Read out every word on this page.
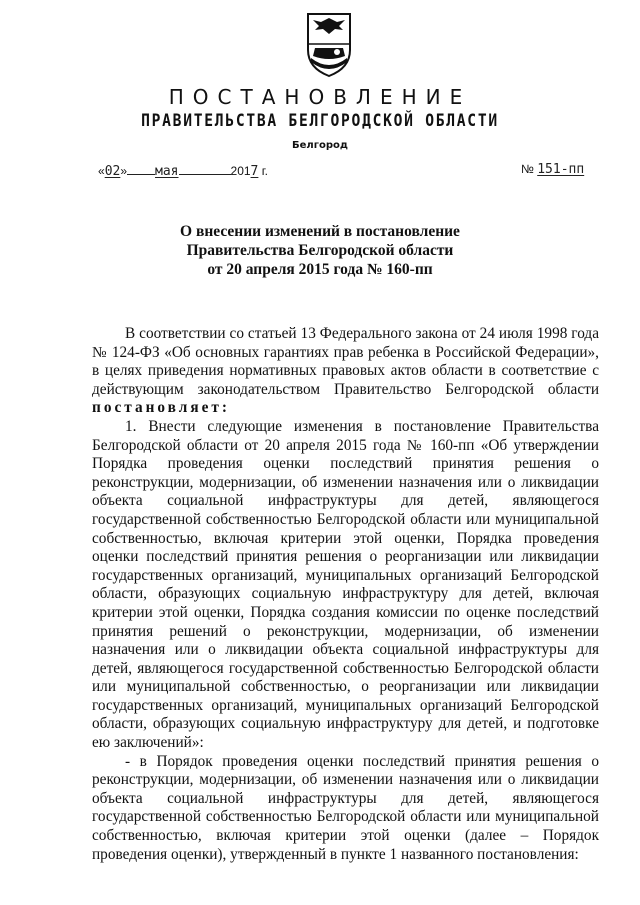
ПОСТАНОВЛЕНИЕ
ПРАВИТЕЛЬСТВА БЕЛГОРОДСКОЙ ОБЛАСТИ
Белгород
«02» мая	2017 г.	№ 151-пп
О внесении изменений в постановление
Правительства Белгородской области
от 20 апреля 2015 года № 160-пп

В соответствии со статьей 13 Федерального закона от 24 июля 1998 года № 124-ФЗ «Об основных гарантиях прав ребенка в Российской Федерации», в целях приведения нормативных правовых актов области в соответствие с действующим законодательством Правительство Белгородской области постановляет:

1. Внести следующие изменения в постановление Правительства Белгородской области от 20 апреля 2015 года № 160-пп «Об утверждении Порядка проведения оценки последствий принятия решения о реконструкции, модернизации, об изменении назначения или о ликвидации объекта социальной инфраструктуры для детей, являющегося государственной собственностью Белгородской области или муниципальной собственностью, включая критерии этой оценки, Порядка проведения оценки последствий принятия решения о реорганизации или ликвидации государственных организаций, муниципальных организаций Белгородской области, образующих социальную инфраструктуру для детей, включая критерии этой оценки, Порядка создания комиссии по оценке последствий принятия решений о реконструкции, модернизации, об изменении назначения или о ликвидации объекта социальной инфраструктуры для детей, являющегося государственной собственностью Белгородской области или муниципальной собственностью, о реорганизации или ликвидации государственных организаций, муниципальных организаций Белгородской области, образующих социальную инфраструктуру для детей, и подготовке ею заключений»:

- в Порядок проведения оценки последствий принятия решения о реконструкции, модернизации, об изменении назначения или о ликвидации объекта социальной инфраструктуры для детей, являющегося государственной собственностью Белгородской области или муниципальной собственностью, включая критерии этой оценки (далее – Порядок проведения оценки), утвержденный в пункте 1 названного постановления:
